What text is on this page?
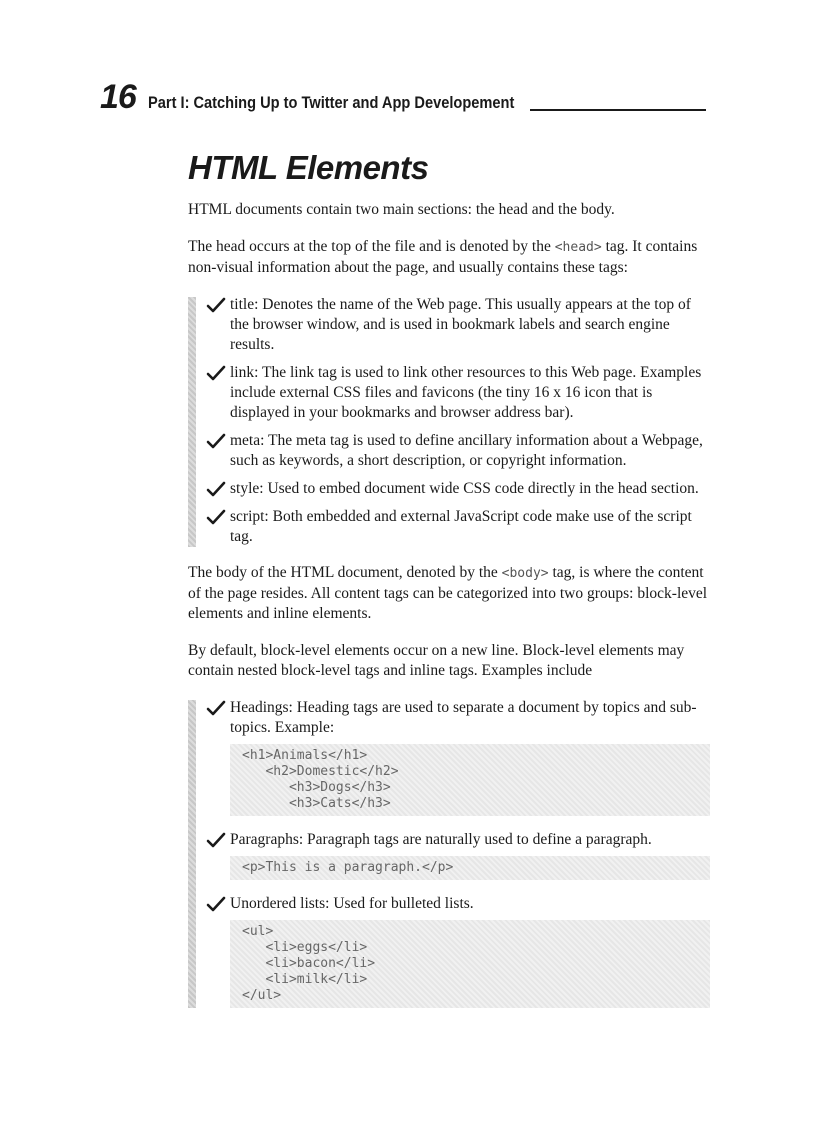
16 Part I: Catching Up to Twitter and App Developement
HTML Elements

HTML documents contain two main sections: the head and the body.

The head occurs at the top of the file and is denoted by the <head> tag. It contains non-visual information about the page, and usually contains these tags:

title: Denotes the name of the Web page. This usually appears at the top of the browser window, and is used in bookmark labels and search engine results.
link: The link tag is used to link other resources to this Web page. Examples include external CSS files and favicons (the tiny 16 x 16 icon that is displayed in your bookmarks and browser address bar).
meta: The meta tag is used to define ancillary information about a Webpage, such as keywords, a short description, or copyright information.
style: Used to embed document wide CSS code directly in the head section.
script: Both embedded and external JavaScript code make use of the script tag.

The body of the HTML document, denoted by the <body> tag, is where the content of the page resides. All content tags can be categorized into two groups: block-level elements and inline elements.

By default, block-level elements occur on a new line. Block-level elements may contain nested block-level tags and inline tags. Examples include

Headings: Heading tags are used to separate a document by topics and sub-topics. Example:
<h1>Animals</h1>
<h2>Domestic</h2>
<h3>Dogs</h3>
<h3>Cats</h3>
Paragraphs: Paragraph tags are naturally used to define a paragraph.
<p>This is a paragraph.</p>
Unordered lists: Used for bulleted lists.
<ul>
<li>eggs</li>
<li>bacon</li>
<li>milk</li>
</ul>
